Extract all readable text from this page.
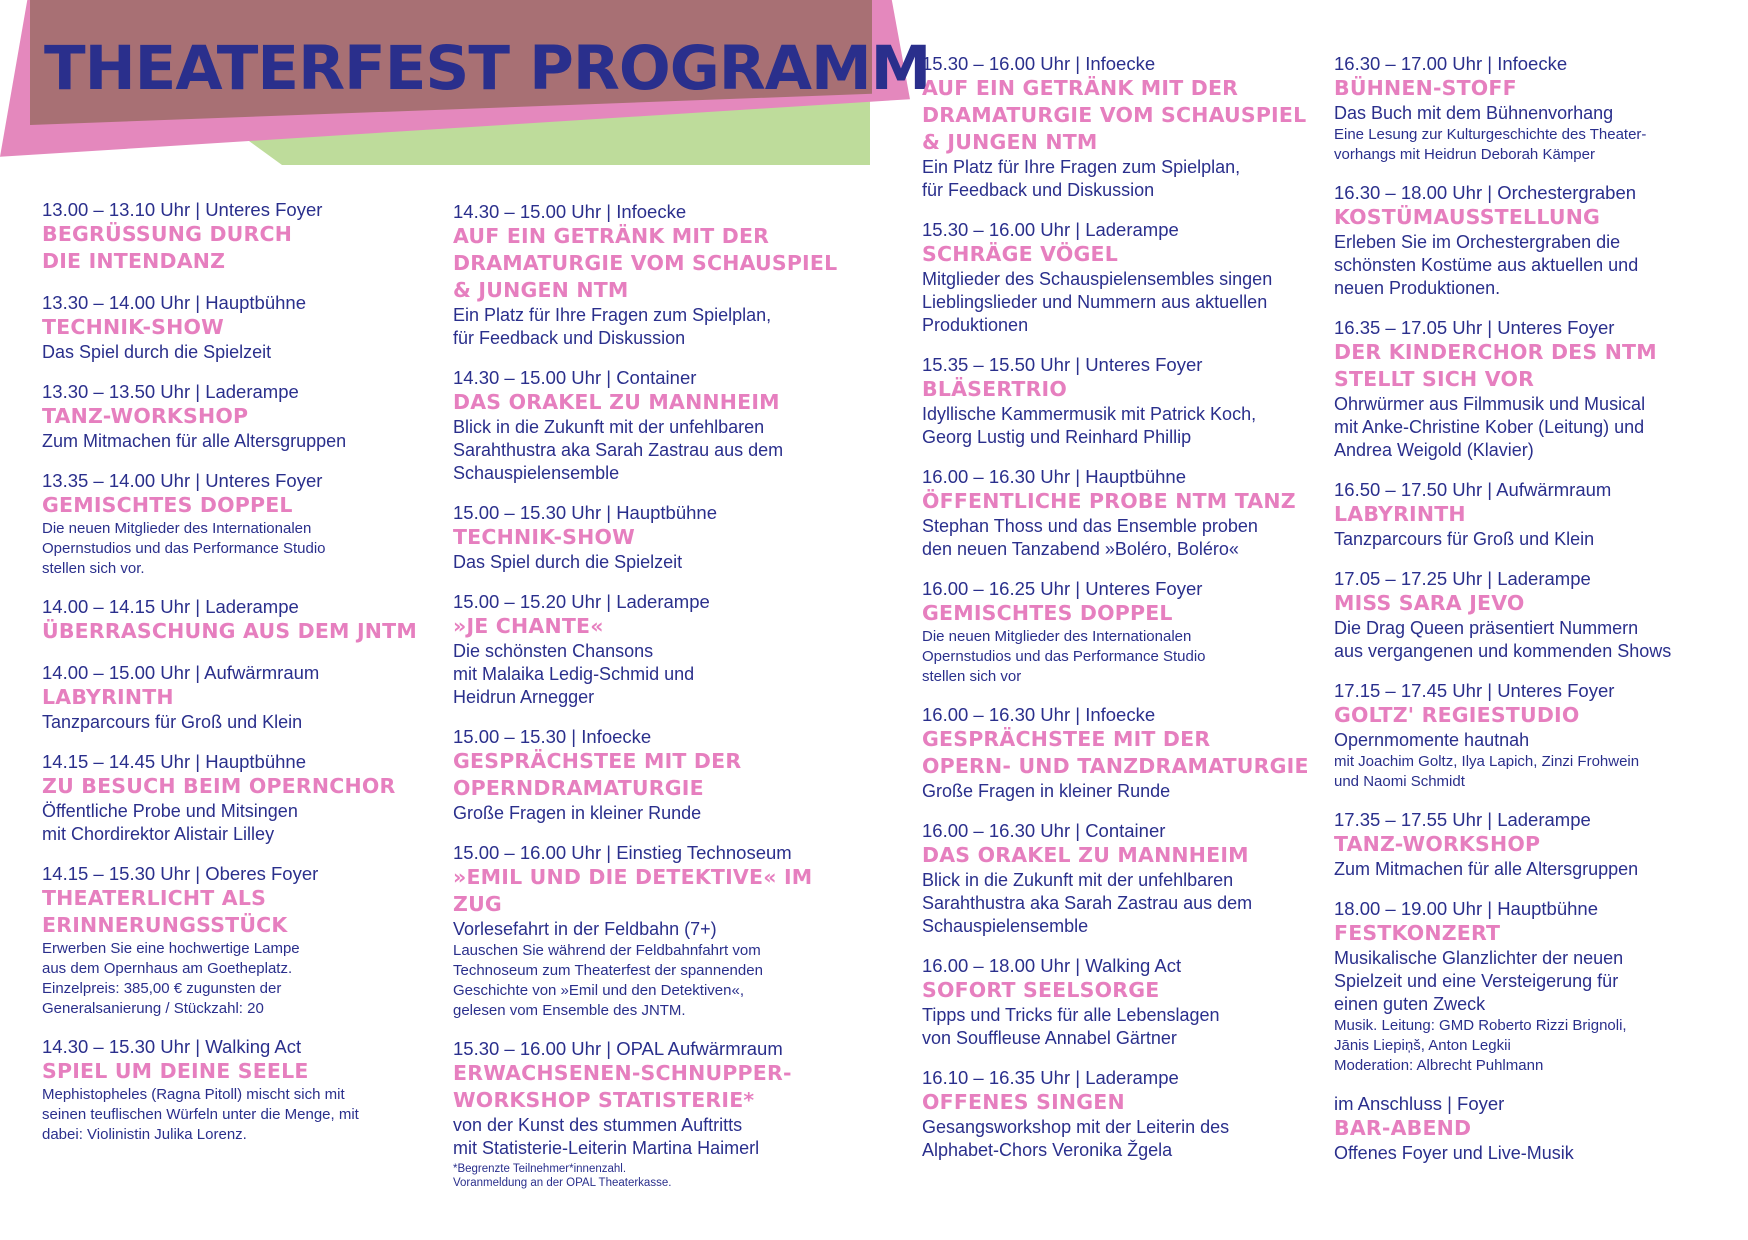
THEATERFEST PROGRAMM
13.00 – 13.10 Uhr | Unteres Foyer
BEGRÜSSUNG DURCH
DIE INTENDANZ
13.30 – 14.00 Uhr | Hauptbühne
TECHNIK-SHOW
Das Spiel durch die Spielzeit
13.30 – 13.50 Uhr | Laderampe
TANZ-WORKSHOP
Zum Mitmachen für alle Altersgruppen
13.35 – 14.00 Uhr | Unteres Foyer
GEMISCHTES DOPPEL
Die neuen Mitglieder des Internationalen
Opernstudios und das Performance Studio
stellen sich vor.
14.00 – 14.15 Uhr | Laderampe
ÜBERRASCHUNG AUS DEM JNTM
14.00 – 15.00 Uhr | Aufwärmraum
LABYRINTH
Tanzparcours für Groß und Klein
14.15 – 14.45 Uhr | Hauptbühne
ZU BESUCH BEIM OPERNCHOR
Öffentliche Probe und Mitsingen
mit Chordirektor Alistair Lilley
14.15 – 15.30 Uhr | Oberes Foyer
THEATERLICHT ALS
ERINNERUNGSSTÜCK
Erwerben Sie eine hochwertige Lampe
aus dem Opernhaus am Goetheplatz.
Einzelpreis: 385,00 € zugunsten der
Generalsanierung / Stückzahl: 20
14.30 – 15.30 Uhr | Walking Act
SPIEL UM DEINE SEELE
Mephistopheles (Ragna Pitoll) mischt sich mit
seinen teuflischen Würfeln unter die Menge, mit
dabei: Violinistin Julika Lorenz.
14.30 – 15.00 Uhr | Infoecke
AUF EIN GETRÄNK MIT DER
DRAMATURGIE VOM SCHAUSPIEL
& JUNGEN NTM
Ein Platz für Ihre Fragen zum Spielplan,
für Feedback und Diskussion
14.30 – 15.00 Uhr | Container
DAS ORAKEL ZU MANNHEIM
Blick in die Zukunft mit der unfehlbaren
Sarahthustra aka Sarah Zastrau aus dem
Schauspielensemble
15.00 – 15.30 Uhr | Hauptbühne
TECHNIK-SHOW
Das Spiel durch die Spielzeit
15.00 – 15.20 Uhr | Laderampe
»JE CHANTE«
Die schönsten Chansons
mit Malaika Ledig-Schmid und
Heidrun Arnegger
15.00 – 15.30 | Infoecke
GESPRÄCHSTEE MIT DER
OPERNDRAMATURGIE
Große Fragen in kleiner Runde
15.00 – 16.00 Uhr | Einstieg Technoseum
»EMIL UND DIE DETEKTIVE« IM ZUG
Vorlesefahrt in der Feldbahn (7+)
Lauschen Sie während der Feldbahnfahrt vom
Technoseum zum Theaterfest der spannenden
Geschichte von »Emil und den Detektiven«,
gelesen vom Ensemble des JNTM.
15.30 – 16.00 Uhr | OPAL Aufwärmraum
ERWACHSENEN-SCHNUPPER-
WORKSHOP STATISTERIE*
von der Kunst des stummen Auftritts
mit Statisterie-Leiterin Martina Haimerl
*Begrenzte Teilnehmer*innenzahl.
Voranmeldung an der OPAL Theaterkasse.
15.30 – 16.00 Uhr | Infoecke
AUF EIN GETRÄNK MIT DER
DRAMATURGIE VOM SCHAUSPIEL
& JUNGEN NTM
Ein Platz für Ihre Fragen zum Spielplan,
für Feedback und Diskussion
15.30 – 16.00 Uhr | Laderampe
SCHRÄGE VÖGEL
Mitglieder des Schauspielensembles singen
Lieblingslieder und Nummern aus aktuellen
Produktionen
15.35 – 15.50 Uhr | Unteres Foyer
BLÄSERTRIO
Idyllische Kammermusik mit Patrick Koch,
Georg Lustig und Reinhard Phillip
16.00 – 16.30 Uhr | Hauptbühne
ÖFFENTLICHE PROBE NTM TANZ
Stephan Thoss und das Ensemble proben
den neuen Tanzabend »Boléro, Boléro«
16.00 – 16.25 Uhr | Unteres Foyer
GEMISCHTES DOPPEL
Die neuen Mitglieder des Internationalen
Opernstudios und das Performance Studio
stellen sich vor
16.00 – 16.30 Uhr | Infoecke
GESPRÄCHSTEE MIT DER
OPERN- UND TANZDRAMATURGIE
Große Fragen in kleiner Runde
16.00 – 16.30 Uhr | Container
DAS ORAKEL ZU MANNHEIM
Blick in die Zukunft mit der unfehlbaren
Sarahthustra aka Sarah Zastrau aus dem
Schauspielensemble
16.00 – 18.00 Uhr | Walking Act
SOFORT SEELSORGE
Tipps und Tricks für alle Lebenslagen
von Souffleuse Annabel Gärtner
16.10 – 16.35 Uhr | Laderampe
OFFENES SINGEN
Gesangsworkshop mit der Leiterin des
Alphabet-Chors Veronika Žgela
16.30 – 17.00 Uhr | Infoecke
BÜHNEN-STOFF
Das Buch mit dem Bühnenvorhang
Eine Lesung zur Kulturgeschichte des Theater-
vorhangs mit Heidrun Deborah Kämper
16.30 – 18.00 Uhr | Orchestergraben
KOSTÜMAUSSTELLUNG
Erleben Sie im Orchestergraben die
schönsten Kostüme aus aktuellen und
neuen Produktionen.
16.35 – 17.05 Uhr | Unteres Foyer
DER KINDERCHOR DES NTM
STELLT SICH VOR
Ohrwürmer aus Filmmusik und Musical
mit Anke-Christine Kober (Leitung) und
Andrea Weigold (Klavier)
16.50 – 17.50 Uhr | Aufwärmraum
LABYRINTH
Tanzparcours für Groß und Klein
17.05 – 17.25 Uhr | Laderampe
MISS SARA JEVO
Die Drag Queen präsentiert Nummern
aus vergangenen und kommenden Shows
17.15 – 17.45 Uhr | Unteres Foyer
GOLTZ' REGIESTUDIO
Opernmomente hautnah
mit Joachim Goltz, Ilya Lapich, Zinzi Frohwein
und Naomi Schmidt
17.35 – 17.55 Uhr | Laderampe
TANZ-WORKSHOP
Zum Mitmachen für alle Altersgruppen
18.00 – 19.00 Uhr | Hauptbühne
FESTKONZERT
Musikalische Glanzlichter der neuen
Spielzeit und eine Versteigerung für
einen guten Zweck
Musik. Leitung: GMD Roberto Rizzi Brignoli,
Jānis Liepiņš, Anton Legkii
Moderation: Albrecht Puhlmann
im Anschluss | Foyer
BAR-ABEND
Offenes Foyer und Live-Musik
